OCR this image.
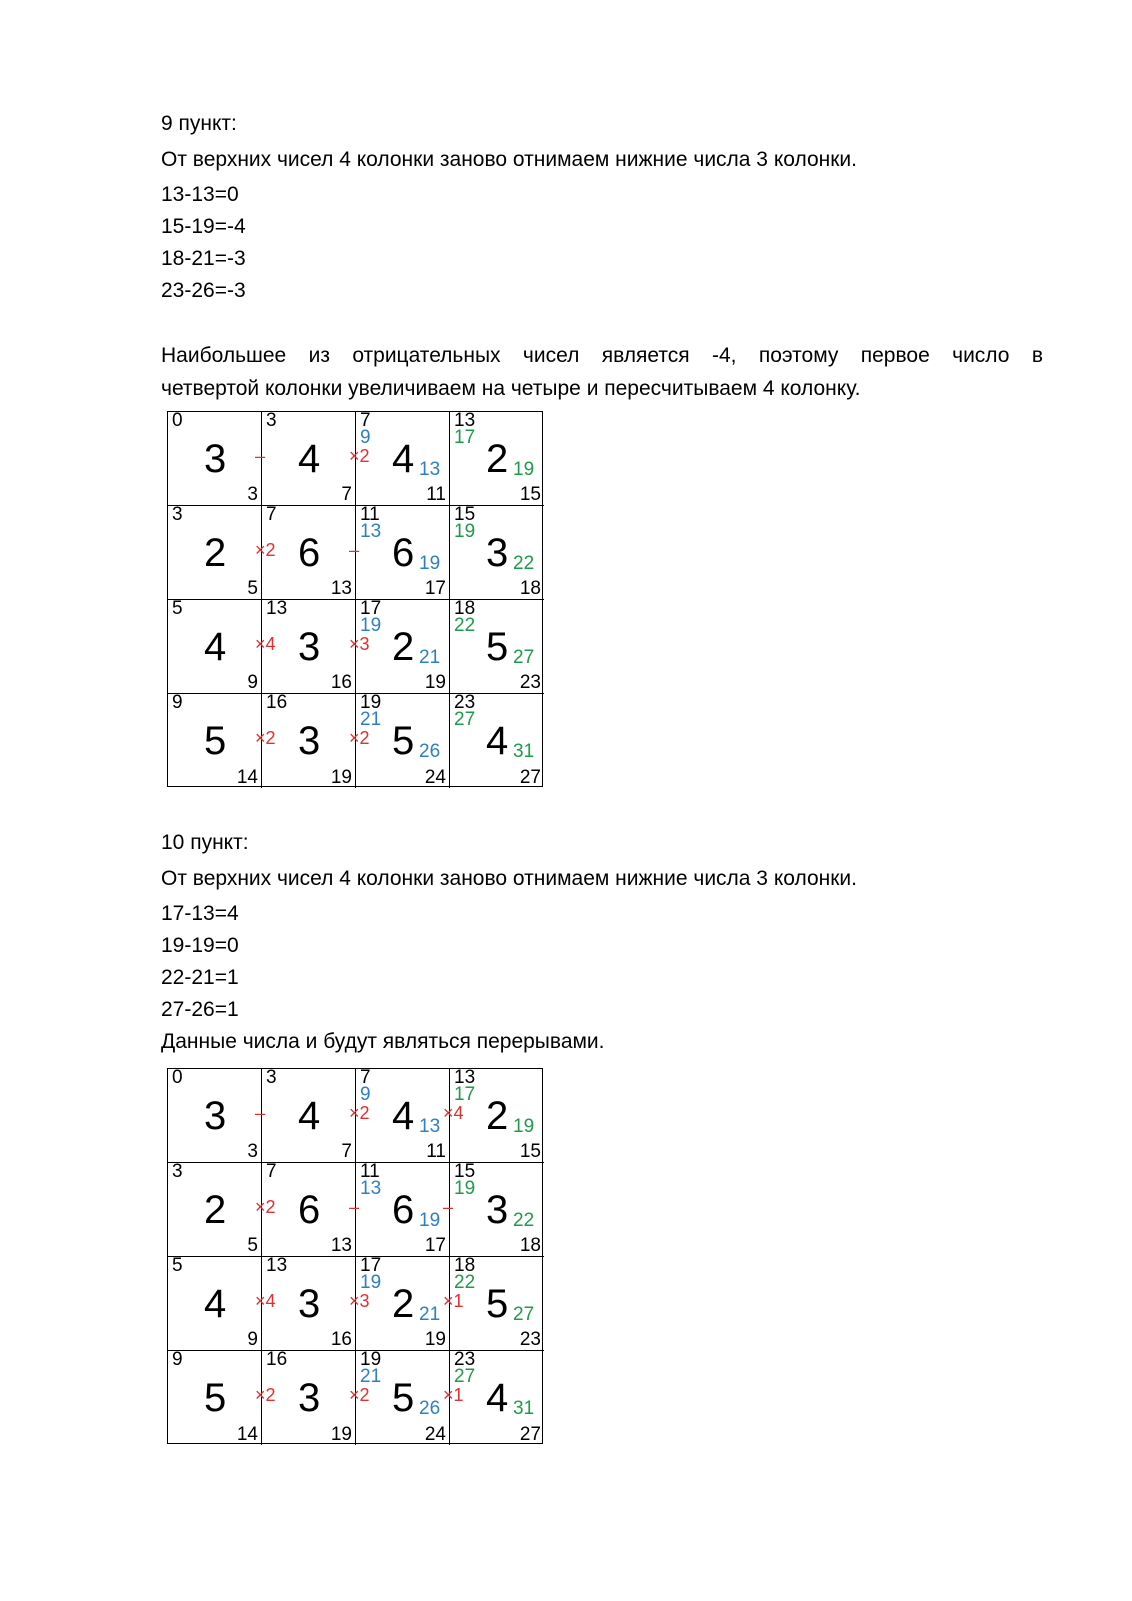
9 пункт:
От верхних чисел 4 колонки заново отнимаем нижние числа 3 колонки.
13-13=0
15-19=-4
18-21=-3
23-26=-3
Наибольшее из отрицательных чисел является -4, поэтому первое число в
четвертой колонки увеличиваем на четыре и пересчитываем 4 колонку.
0
3
3
3
4
7
–
7
9 4 13
11
×2
13
17 2 19
15
3
2
5
7
6
13
×2
11
13 6 19
17
–
15
19 3 22
18
5
4
9
13
3
16
×4
17
19 2 21
19
×3
18
22 5 27
23
9
5
14
16
3
19
×2
19
21 5 26
24
×2
23
27 4 31
27
10 пункт:
От верхних чисел 4 колонки заново отнимаем нижние числа 3 колонки.
17-13=4
19-19=0
22-21=1
27-26=1
Данные числа и будут являться перерывами.
0
3
3
3
4
7
–
7
9 4 13
11
×2
13
17 2 19
15
×4
3
2
5
7
6
13
×2
11
13 6 19
17
–
15
19 3 22
18
–
5
4
9
13
3
16
×4
17
19 2 21
19
×3
18
22 5 27
23
×1
9
5
14
16
3
19
×2
19
21 5 26
24
×2
23
27 4 31
27
×1
